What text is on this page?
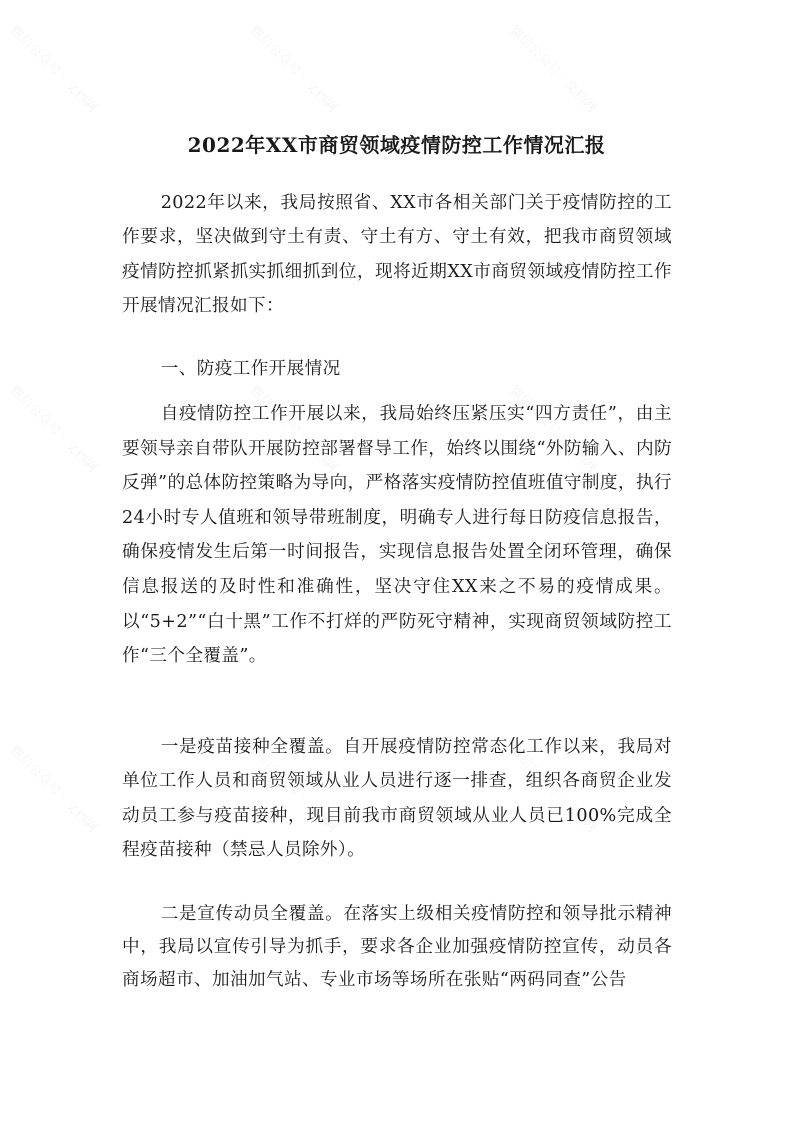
微信公众号 · 文档网	微信公众号 · 文档网	微信公众号 · 文档网
微信公众号 · 文档网	微信公众号 · 文档网	微信公众号 · 文档网
微信公众号 · 文档网	微信公众号 · 文档网	微信公众号 · 文档网
2022年XX市商贸领域疫情防控工作情况汇报

2022年以来，我局按照省、XX市各相关部门关于疫情防控的工作要求，坚决做到守土有责、守土有方、守土有效，把我市商贸领域疫情防控抓紧抓实抓细抓到位，现将近期XX市商贸领域疫情防控工作开展情况汇报如下：

一、防疫工作开展情况

自疫情防控工作开展以来，我局始终压紧压实“四方责任”，由主要领导亲自带队开展防控部署督导工作，始终以围绕“外防输入、内防反弹”的总体防控策略为导向，严格落实疫情防控值班值守制度，执行24小时专人值班和领导带班制度，明确专人进行每日防疫信息报告，确保疫情发生后第一时间报告，实现信息报告处置全闭环管理，确保信息报送的及时性和准确性，坚决守住XX来之不易的疫情成果。以“5+2”“白十黑”工作不打烊的严防死守精神，实现商贸领域防控工作“三个全覆盖”。

一是疫苗接种全覆盖。自开展疫情防控常态化工作以来，我局对单位工作人员和商贸领域从业人员进行逐一排查，组织各商贸企业发动员工参与疫苗接种，现目前我市商贸领域从业人员已100%完成全程疫苗接种（禁忌人员除外）。

二是宣传动员全覆盖。在落实上级相关疫情防控和领导批示精神中，我局以宣传引导为抓手，要求各企业加强疫情防控宣传，动员各商场超市、加油加气站、专业市场等场所在张贴“两码同查”公告
